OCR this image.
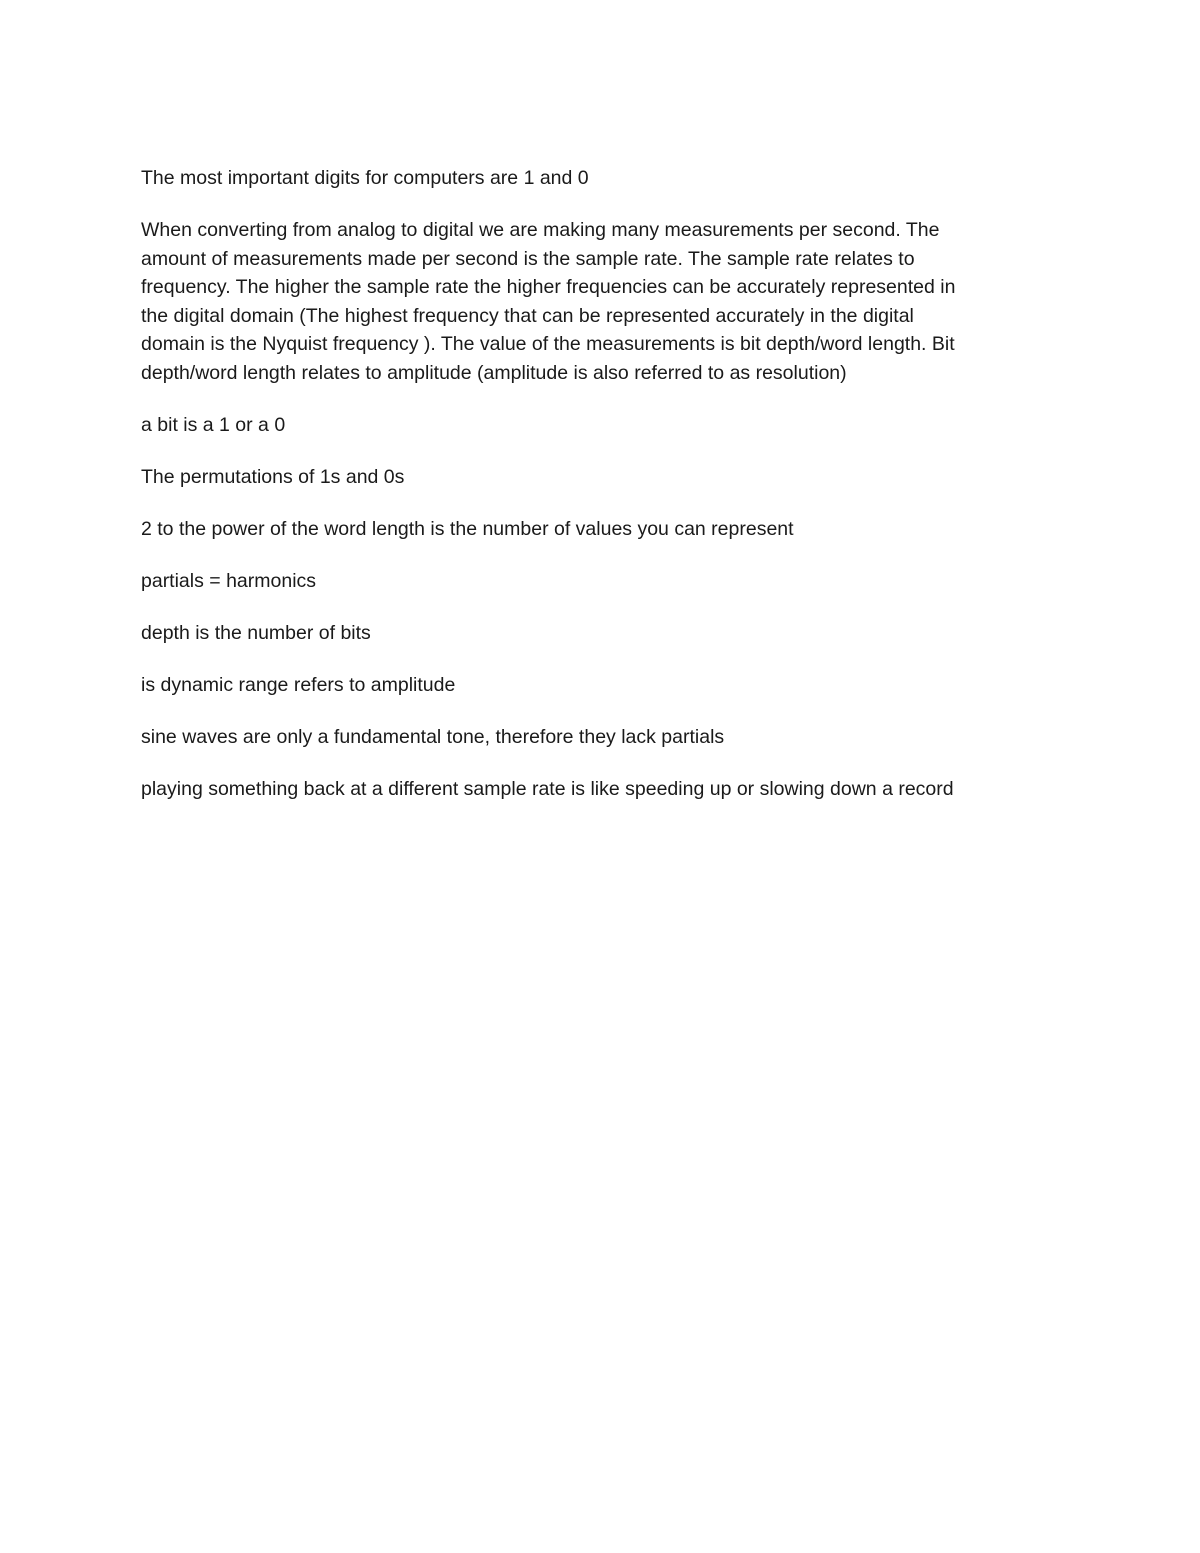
The most important digits for computers are 1 and 0

When converting from analog to digital we are making many measurements per second. The
amount of measurements made per second is the sample rate. The sample rate relates to
frequency. The higher the sample rate the higher frequencies can be accurately represented in
the digital domain (The highest frequency that can be represented accurately in the digital
domain is the Nyquist frequency ). The value of the measurements is bit depth/word length. Bit
depth/word length relates to amplitude (amplitude is also referred to as resolution)

a bit is a 1 or a 0

The permutations of 1s and 0s

2 to the power of the word length is the number of values you can represent

partials = harmonics

depth is the number of bits

is dynamic range refers to amplitude

sine waves are only a fundamental tone, therefore they lack partials

playing something back at a different sample rate is like speeding up or slowing down a record
